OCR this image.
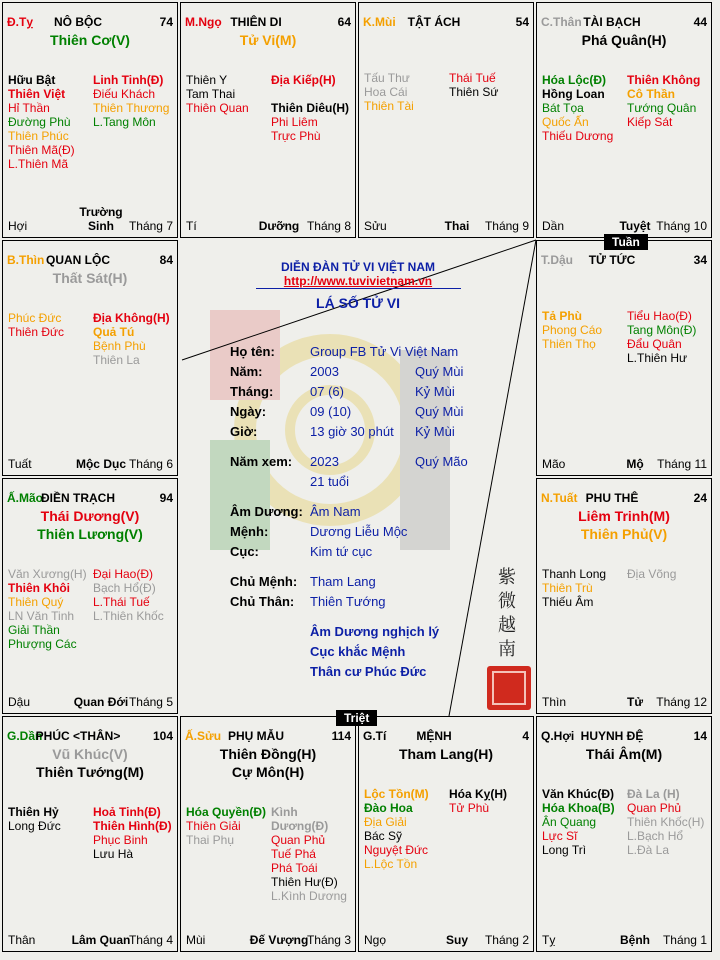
Đ.Tỵ	NÔ BỘC	74
Thiên Cơ(V)
Hữu Bật
Thiên Việt
Hỉ Thần
Đường Phù
Thiên Phúc
Thiên Mã(Đ)
L.Thiên Mã
Linh Tinh(Đ)
Điếu Khách
Thiên Thương
L.Tang Môn
Hợi
Trường Sinh	Tháng 7
M.Ngọ THIÊN DI	64
Tử Vi(M)
Thiên Y
Tam Thai
Thiên Quan
Địa Kiếp(H)
Thiên Diêu(H)
Phi Liêm
Trực Phù
Tí	Dưỡng Tháng 8
K.Mùi TẬT ÁCH	54
Tấu Thư
Hoa Cái
Thiên Tài
Thái Tuế
Thiên Sứ
Sửu	Thai	Tháng 9
C.Thân TÀI BẠCH	44
Phá Quân(H)
Hóa Lộc(Đ)
Hồng Loan
Bát Tọa
Quốc Ấn
Thiếu Dương
Thiên Không
Cô Thần
Tướng Quân
Kiếp Sát
Dần	Tuyệt Tháng 10
B.Thìn QUAN LỘC	84
Thất Sát(H)
Phúc Đức
Thiên Đức
Địa Không(H)
Quả Tú
Bệnh Phù
Thiên La
Tuất	Mộc Dục Tháng 6
T.Dậu	TỬ TỨC	34
Tả Phù
Phong Cáo
Thiên Thọ
Tiểu Hao(Đ)
Tang Môn(Đ)
Đẩu Quân
L.Thiên Hư
Mão	Mộ	Tháng 11
Ấ.Mão
ĐIỀN TRẠCH	94
Thái Dương(V)
Thiên Lương(V)
Văn Xương(H)
Thiên Khôi
Thiên Quý
LN Văn Tinh
Giải Thần
Phượng Các
Đại Hao(Đ)
Bạch Hổ(Đ)
L.Thái Tuế
L.Thiên Khốc
Dậu	Quan Đới Tháng 5
N.Tuất PHU THÊ	24
Liêm Trinh(M)
Thiên Phủ(V)
Thanh Long
Thiên Trù
Thiếu Âm
Địa Võng
Thìn	Tử	Tháng 12
G.Dần
PHÚC <THÂN>	104
Vũ Khúc(V)
Thiên Tướng(M)
Thiên Hỷ
Long Đức
Hoả Tinh(Đ)
Thiên Hình(Đ)
Phục Binh
Lưu Hà
Thân	Lâm Quan
Tháng 4
Ấ.Sửu PHỤ MẪU	114
Thiên Đồng(H)
Cự Môn(H)
Hóa Quyền(Đ)
Thiên Giải
Thai Phụ
Kình Dương(Đ)
Quan Phủ
Tuế Phá
Phá Toái
Thiên Hư(Đ)
L.Kình Dương
Mùi	Đế Vượng
Tháng 3
G.Tí	MỆNH	4
Tham Lang(H)
Lộc Tồn(M)
Đào Hoa
Địa Giải
Bác Sỹ
Nguyệt Đức
L.Lộc Tồn
Hóa Kỵ(H)
Tử Phù
Ngọ	Suy	Tháng 2
Q.Hợi HUYNH ĐỆ	14
Thái Âm(M)
Văn Khúc(Đ)
Hóa Khoa(B)
Ân Quang
Lực Sĩ
Long Trì
Đà La (H)
Quan Phủ
Thiên Khốc(H)
L.Bạch Hổ
L.Đà La
Tỵ	Bệnh	Tháng 1
DIỄN ĐÀN TỬ VI VIỆT NAM
http://www.tuvivietnam.vn
LÁ SỐ TỬ VI
Họ tên:	Group FB Tử Vi Việt Nam
Năm:	2003	Quý Mùi
Tháng:	07 (6)	Kỷ Mùi
Ngày:	09 (10)	Quý Mùi
Giờ:	13 giờ 30 phút Kỷ Mùi
Năm xem: 2023	Quý Mão
21 tuổi
Âm Dương: Âm Nam
Mệnh:	Dương Liễu Mộc
Cục:	Kim tứ cục
Chủ Mệnh: Tham Lang
Chủ Thân: Thiên Tướng
Âm Dương nghịch lý
Cục khắc Mệnh
Thân cư Phúc Đức
紫
微
越
南
Tuần
Triệt
